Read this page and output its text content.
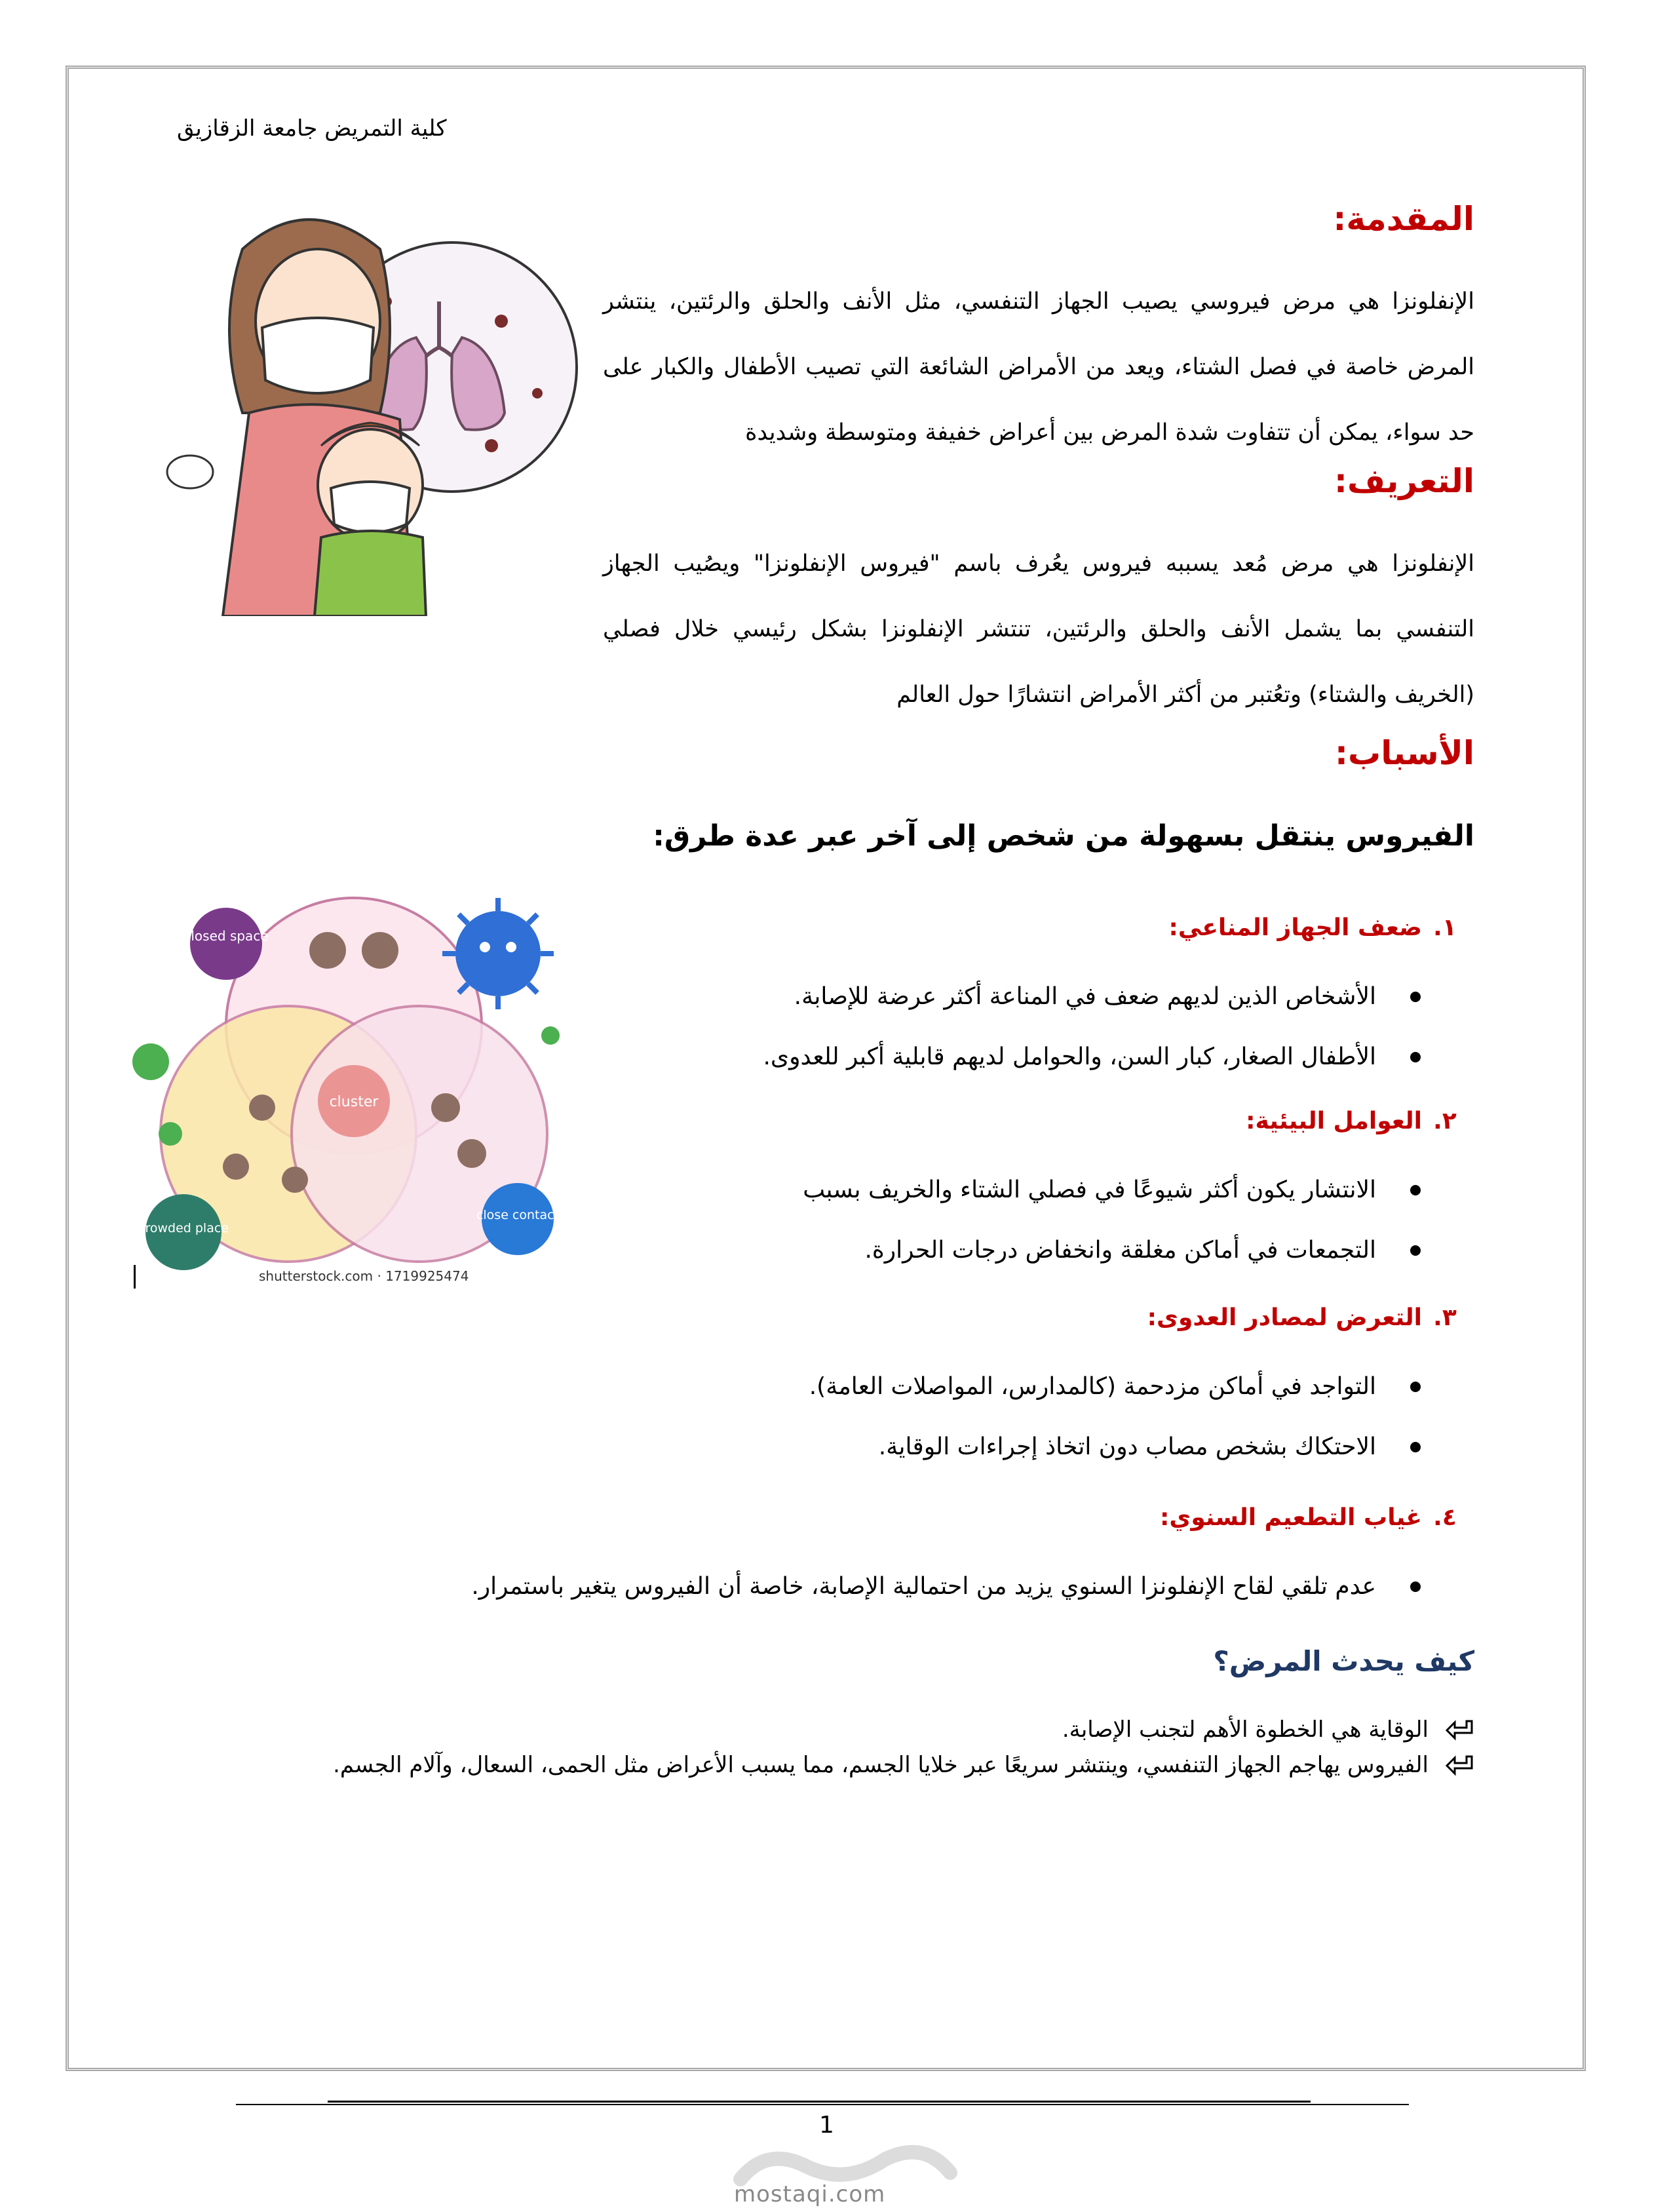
كلية التمريض جامعة الزقازيق
المقدمة:
الإنفلونزا هي مرض فيروسي يصيب الجهاز التنفسي، مثل الأنف والحلق والرئتين، ينتشر المرض خاصة في فصل الشتاء، ويعد من الأمراض الشائعة التي تصيب الأطفال والكبار على حد سواء، يمكن أن تتفاوت شدة المرض بين أعراض خفيفة ومتوسطة وشديدة
التعريف:
الإنفلونزا هي مرض مُعد يسببه فيروس يعُرف باسم "فيروس الإنفلونزا" ويصُيب الجهاز التنفسي بما يشمل الأنف والحلق والرئتين، تنتشر الإنفلونزا بشكل رئيسي خلال فصلي (الخريف والشتاء) وتعُتبر من أكثر الأمراض انتشارًا حول العالم
الأسباب:
الفيروس ينتقل بسهولة من شخص إلى آخر عبر عدة طرق:
cluster
closed space
crowded place
close contact
shutterstock.com · 1719925474
١.ضعف الجهاز المناعي:
الأشخاص الذين لديهم ضعف في المناعة أكثر عرضة للإصابة.
الأطفال الصغار، كبار السن، والحوامل لديهم قابلية أكبر للعدوى.
٢.العوامل البيئية:
الانتشار يكون أكثر شيوعًا في فصلي الشتاء والخريف بسبب
التجمعات في أماكن مغلقة وانخفاض درجات الحرارة.
٣.التعرض لمصادر العدوى:
التواجد في أماكن مزدحمة (كالمدارس، المواصلات العامة).
الاحتكاك بشخص مصاب دون اتخاذ إجراءات الوقاية.
٤.غياب التطعيم السنوي:
عدم تلقي لقاح الإنفلونزا السنوي يزيد من احتمالية الإصابة، خاصة أن الفيروس يتغير باستمرار.
كيف يحدث المرض؟
الوقاية هي الخطوة الأهم لتجنب الإصابة.
الفيروس يهاجم الجهاز التنفسي، وينتشر سريعًا عبر خلايا الجسم، مما يسبب الأعراض مثل الحمى، السعال، وآلام الجسم.
1
mostaqi.com
